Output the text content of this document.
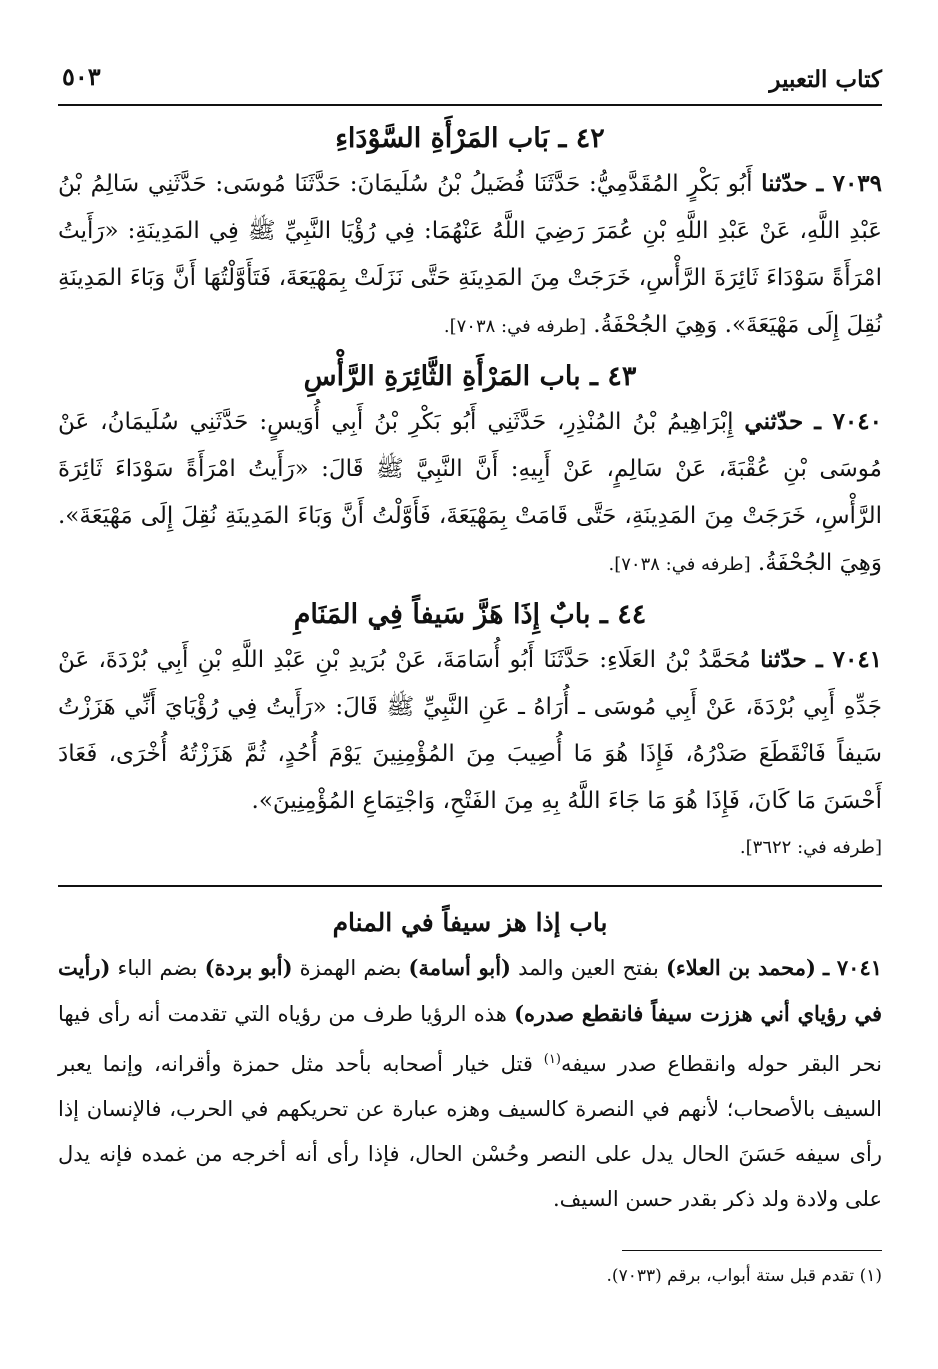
كتاب التعبير
٥٠٣
٤٢ ـ بَاب المَرْأَةِ السَّوْدَاءِ

٧٠٣٩ ـ حدّثنا أَبُو بَكْرٍ المُقَدَّمِيُّ: حَدَّثَنَا فُضَيلُ بْنُ سُلَيمَانَ: حَدَّثَنَا مُوسَى: حَدَّثَنِي سَالِمُ بْنُ عَبْدِ اللَّهِ، عَنْ عَبْدِ اللَّهِ بْنِ عُمَرَ رَضِيَ اللَّهُ عَنْهُمَا: فِي رُؤْيَا النَّبِيِّ ﷺ فِي المَدِينَةِ: «رَأَيتُ امْرَأَةً سَوْدَاءَ ثَائِرَةَ الرَّأْسِ، خَرَجَتْ مِنَ المَدِينَةِ حَتَّى نَزَلَتْ بِمَهْيَعَةَ، فَتَأَوَّلْتُهَا أَنَّ وَبَاءَ المَدِينَةِ نُقِلَ إِلَى مَهْيَعَةَ». وَهِيَ الجُحْفَةُ. [طرفه في: ٧٠٣٨].

٤٣ ـ باب المَرْأَةِ الثَّائِرَةِ الرَّأْسِ

٧٠٤٠ ـ حدّثني إِبْرَاهِيمُ بْنُ المُنْذِرِ، حَدَّثَنِي أَبُو بَكْرِ بْنُ أَبِي أُوَيسٍ: حَدَّثَنِي سُلَيمَانُ، عَنْ مُوسَى بْنِ عُقْبَةَ، عَنْ سَالِمٍ، عَنْ أَبِيهِ: أَنَّ النَّبِيَّ ﷺ قَالَ: «رَأَيتُ امْرَأَةً سَوْدَاءَ ثَائِرَةَ الرَّأْسِ، خَرَجَتْ مِنَ المَدِينَةِ، حَتَّى قَامَتْ بِمَهْيَعَةَ، فَأَوَّلْتُ أَنَّ وَبَاءَ المَدِينَةِ نُقِلَ إِلَى مَهْيَعَةَ». وَهِيَ الجُحْفَةُ. [طرفه في: ٧٠٣٨].

٤٤ ـ بابٌ إِذَا هَزَّ سَيفاً فِي المَنَامِ

٧٠٤١ ـ حدّثنا مُحَمَّدُ بْنُ العَلَاءِ: حَدَّثَنَا أَبُو أُسَامَةَ، عَنْ بُرَيدِ بْنِ عَبْدِ اللَّهِ بْنِ أَبِي بُرْدَةَ، عَنْ جَدِّهِ أَبِي بُرْدَةَ، عَنْ أَبِي مُوسَى ـ أُرَاهُ ـ عَنِ النَّبِيِّ ﷺ قَالَ: «رَأَيتُ فِي رُؤْيَايَ أَنِّي هَزَزْتُ سَيفاً فَانْقَطَعَ صَدْرُهُ، فَإِذَا هُوَ مَا أُصِيبَ مِنَ المُؤْمِنِينَ يَوْمَ أُحُدٍ، ثُمَّ هَزَزْتُهُ أُخْرَى، فَعَادَ أَحْسَنَ مَا كَانَ، فَإِذَا هُوَ مَا جَاءَ اللَّهُ بِهِ مِنَ الفَتْحِ، وَاجْتِمَاعِ المُؤْمِنِينَ».

[طرفه في: ٣٦٢٢].

باب إذا هز سيفاً في المنام

٧٠٤١ ـ (محمد بن العلاء) بفتح العين والمد (أبو أسامة) بضم الهمزة (أبو بردة) بضم الباء (رأيت في رؤياي أني هززت سيفاً فانقطع صدره) هذه الرؤيا طرف من رؤياه التي تقدمت أنه رأى فيها نحر البقر حوله وانقطاع صدر سيفه$^{(١)}$ قتل خيار أصحابه بأحد مثل حمزة وأقرانه، وإنما يعبر السيف بالأصحاب؛ لأنهم في النصرة كالسيف وهزه عبارة عن تحريكهم في الحرب، فالإنسان إذا رأى سيفه حَسَنَ الحال يدل على النصر وحُسْن الحال، فإذا رأى أنه أخرجه من غمده فإنه يدل على ولادة ولد ذكر بقدر حسن السيف.

(١) تقدم قبل ستة أبواب، برقم (٧٠٣٣).
